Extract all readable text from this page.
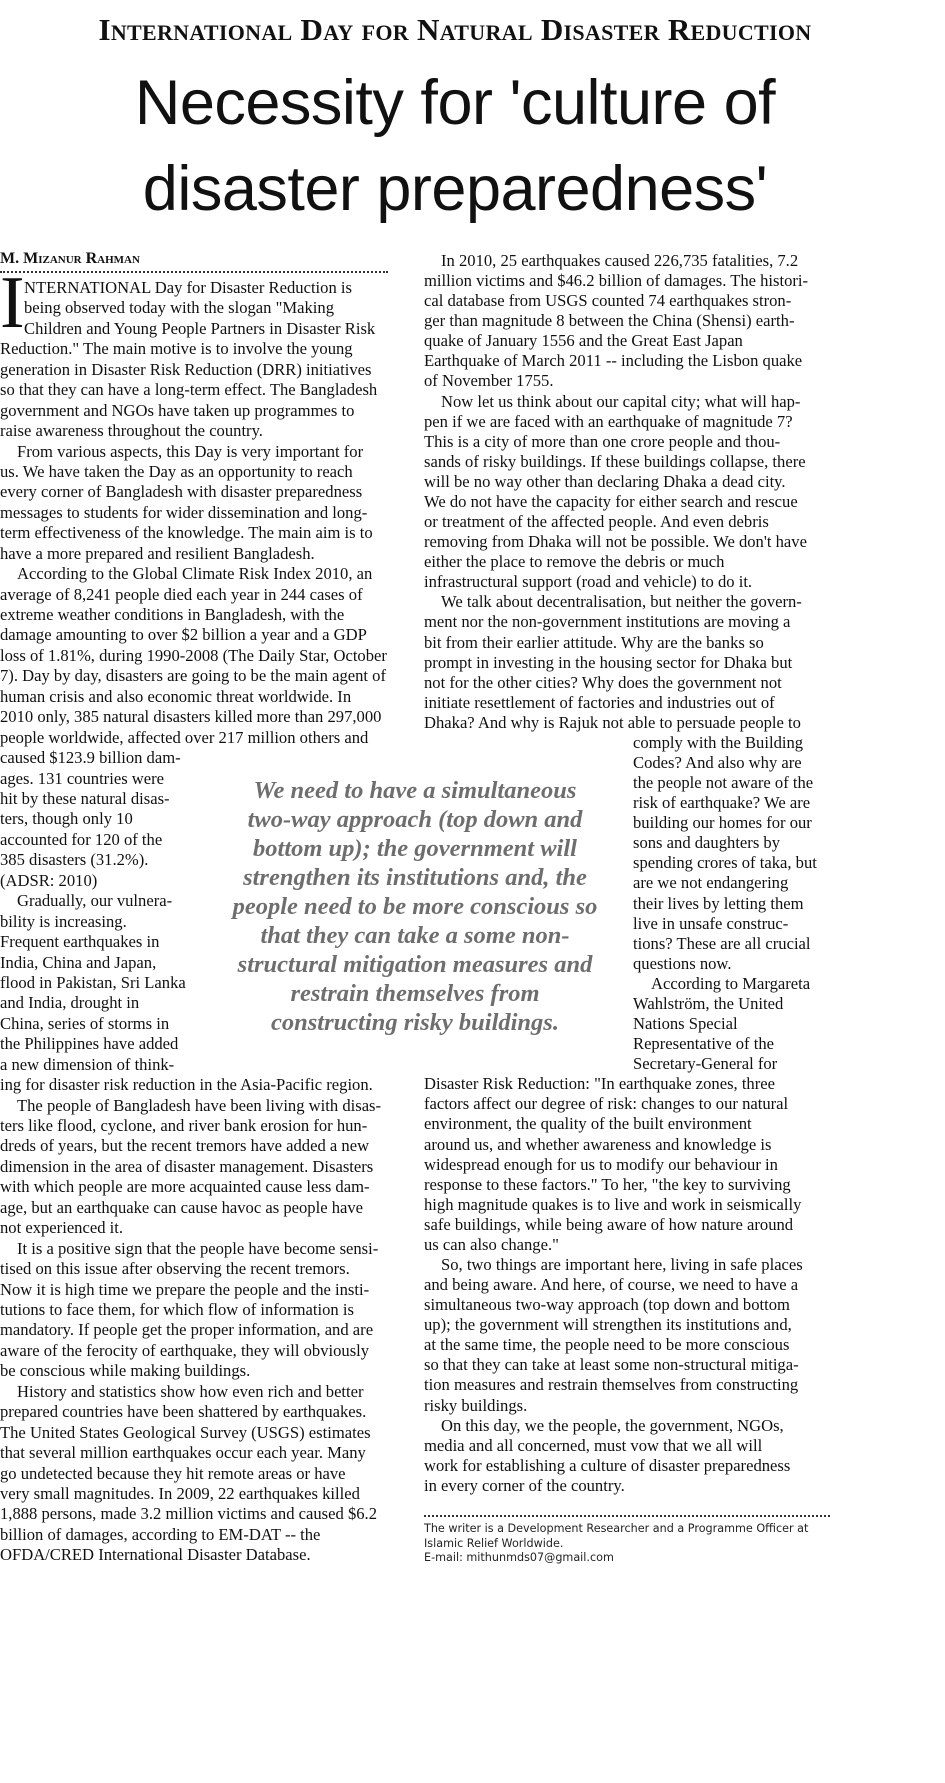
International Day for Natural Disaster Reduction
Necessity for 'culture of
disaster preparedness'
M. Mizanur Rahman
I NTERNATIONAL Day for Disaster Reduction is
being observed today with the slogan "Making
Children and Young People Partners in Disaster Risk
Reduction." The main motive is to involve the young
generation in Disaster Risk Reduction (DRR) initiatives
so that they can have a long-term effect. The Bangladesh
government and NGOs have taken up programmes to
raise awareness throughout the country.
From various aspects, this Day is very important for
us. We have taken the Day as an opportunity to reach
every corner of Bangladesh with disaster preparedness
messages to students for wider dissemination and long-
term effectiveness of the knowledge. The main aim is to
have a more prepared and resilient Bangladesh.
According to the Global Climate Risk Index 2010, an
average of 8,241 people died each year in 244 cases of
extreme weather conditions in Bangladesh, with the
damage amounting to over $2 billion a year and a GDP
loss of 1.81%, during 1990-2008 (The Daily Star, October
7). Day by day, disasters are going to be the main agent of
human crisis and also economic threat worldwide. In
2010 only, 385 natural disasters killed more than 297,000
people worldwide, affected over 217 million others and
caused $123.9 billion dam-
ages. 131 countries were
hit by these natural disas-
ters, though only 10
accounted for 120 of the
385 disasters (31.2%).
(ADSR: 2010)
Gradually, our vulnera-
bility is increasing.
Frequent earthquakes in
India, China and Japan,
flood in Pakistan, Sri Lanka
and India, drought in
China, series of storms in
the Philippines have added
a new dimension of think-
ing for disaster risk reduction in the Asia-Pacific region.
The people of Bangladesh have been living with disas-
ters like flood, cyclone, and river bank erosion for hun-
dreds of years, but the recent tremors have added a new
dimension in the area of disaster management. Disasters
with which people are more acquainted cause less dam-
age, but an earthquake can cause havoc as people have
not experienced it.
It is a positive sign that the people have become sensi-
tised on this issue after observing the recent tremors.
Now it is high time we prepare the people and the insti-
tutions to face them, for which flow of information is
mandatory. If people get the proper information, and are
aware of the ferocity of earthquake, they will obviously
be conscious while making buildings.
History and statistics show how even rich and better
prepared countries have been shattered by earthquakes.
The United States Geological Survey (USGS) estimates
that several million earthquakes occur each year. Many
go undetected because they hit remote areas or have
very small magnitudes. In 2009, 22 earthquakes killed
1,888 persons, made 3.2 million victims and caused $6.2
billion of damages, according to EM-DAT -- the
OFDA/CRED International Disaster Database.
In 2010, 25 earthquakes caused 226,735 fatalities, 7.2
million victims and $46.2 billion of damages. The histori-
cal database from USGS counted 74 earthquakes stron-
ger than magnitude 8 between the China (Shensi) earth-
quake of January 1556 and the Great East Japan
Earthquake of March 2011 -- including the Lisbon quake
of November 1755.
Now let us think about our capital city; what will hap-
pen if we are faced with an earthquake of magnitude 7?
This is a city of more than one crore people and thou-
sands of risky buildings. If these buildings collapse, there
will be no way other than declaring Dhaka a dead city.
We do not have the capacity for either search and rescue
or treatment of the affected people. And even debris
removing from Dhaka will not be possible. We don't have
either the place to remove the debris or much
infrastructural support (road and vehicle) to do it.
We talk about decentralisation, but neither the govern-
ment nor the non-government institutions are moving a
bit from their earlier attitude. Why are the banks so
prompt in investing in the housing sector for Dhaka but
not for the other cities? Why does the government not
initiate resettlement of factories and industries out of
Dhaka? And why is Rajuk not able to persuade people to
comply with the Building
Codes? And also why are
the people not aware of the
risk of earthquake? We are
building our homes for our
sons and daughters by
spending crores of taka, but
are we not endangering
their lives by letting them
live in unsafe construc-
tions? These are all crucial
questions now.
According to Margareta
Wahlström, the United
Nations Special
Representative of the
Secretary-General for
Disaster Risk Reduction: "In earthquake zones, three
factors affect our degree of risk: changes to our natural
environment, the quality of the built environment
around us, and whether awareness and knowledge is
widespread enough for us to modify our behaviour in
response to these factors." To her, "the key to surviving
high magnitude quakes is to live and work in seismically
safe buildings, while being aware of how nature around
us can also change."
So, two things are important here, living in safe places
and being aware. And here, of course, we need to have a
simultaneous two-way approach (top down and bottom
up); the government will strengthen its institutions and,
at the same time, the people need to be more conscious
so that they can take at least some non-structural mitiga-
tion measures and restrain themselves from constructing
risky buildings.
On this day, we the people, the government, NGOs,
media and all concerned, must vow that we all will
work for establishing a culture of disaster preparedness
in every corner of the country.
We need to have a simultaneous
two-way approach (top down and
bottom up); the government will
strengthen its institutions and, the
people need to be more conscious so
that they can take a some non-
structural mitigation measures and
restrain themselves from
constructing risky buildings.
The writer is a Development Researcher and a Programme Officer at
Islamic Relief Worldwide.
E-mail: mithunmds07@gmail.com
